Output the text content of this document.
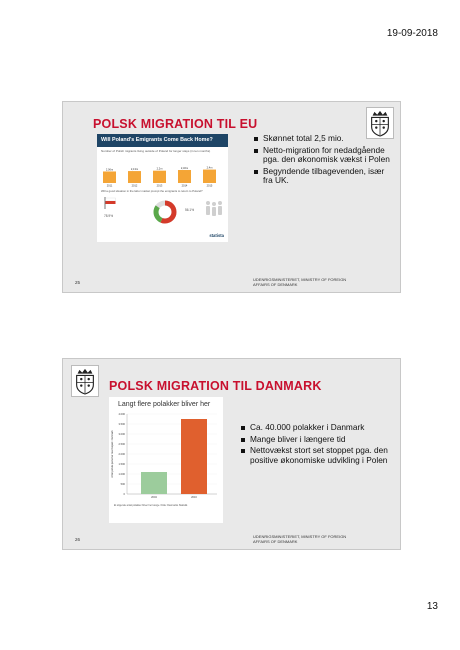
19-09-2018
POLSK MIGRATION TIL EU
Will Poland's Emigrants Come Back Home?
Number of Polish migrants living outside of Poland for longer stays (in ten months)
2,06m
2011
2,13m
2012
2,2m
2013
2,32m
2014
2,4m
2015
Will a good situation in the labor market prompt the emigrants to return to Poland?
78.9%
56.1%
statista
Skønnet total 2,5 mio.
Netto-migration for nedadgående pga. den økonomisk vækst i Polen
Begyndende tilbagevenden, især fra UK.
25
UDENRIGSMINISTERIET, MINISTRY OF FOREIGN AFFAIRS OF DENMARK
POLSK MIGRATION TIL DANMARK
Langt flere polakker bliver her
0
500
1.000
1.500
2.000
2.500
3.000
3.500
4.000
Antal polske personer med bopæl i Danmark
2004	2016
Et stigende antal polakker bliver her længe. Kilde: Danmarks Statistik.
Ca. 40.000 polakker i Danmark
Mange bliver i længere tid
Nettovækst stort set stoppet pga. den positive økonomiske udvikling i Polen
26
UDENRIGSMINISTERIET, MINISTRY OF FOREIGN AFFAIRS OF DENMARK
13
